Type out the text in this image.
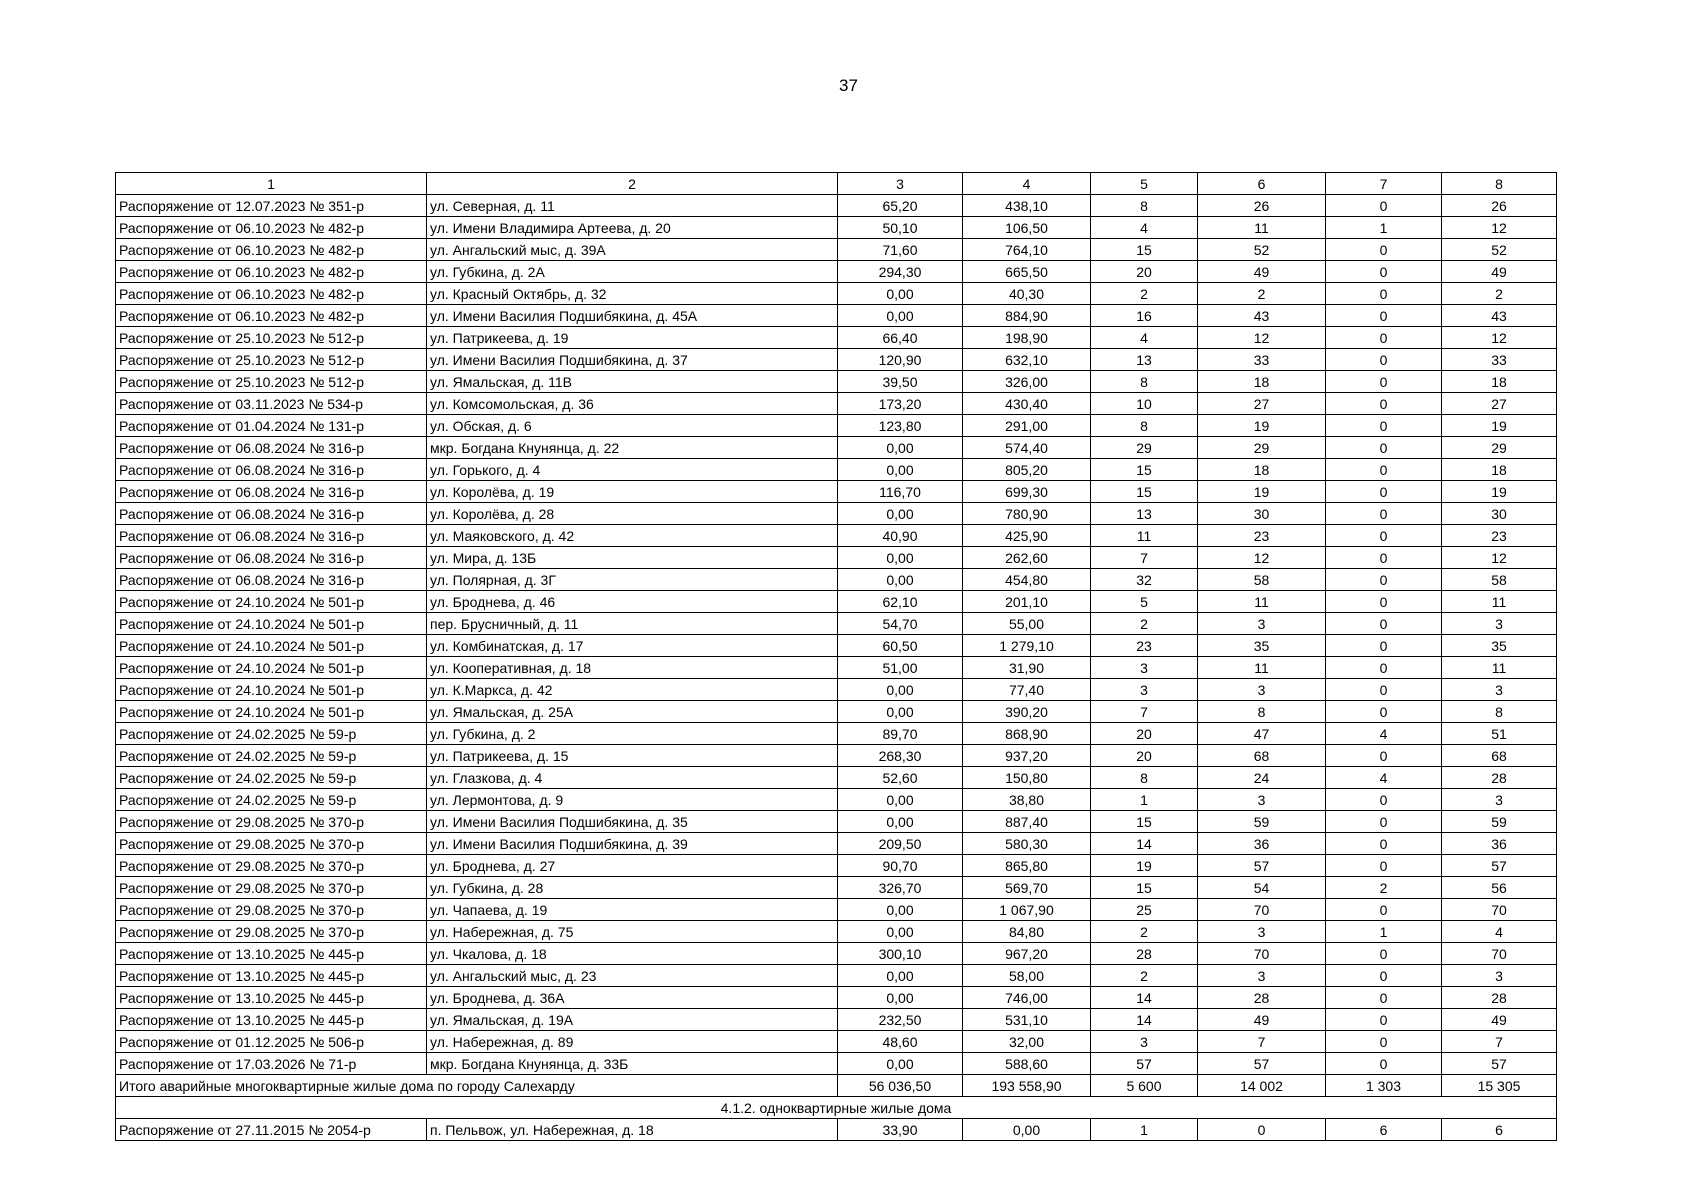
37
1	2	3	4	5	6	7	8
Распоряжение от 12.07.2023 № 351-р	ул. Северная, д. 11	65,20	438,10	8	26	0	26
Распоряжение от 06.10.2023 № 482-р	ул. Имени Владимира Артеева, д. 20	50,10	106,50	4	11	1	12
Распоряжение от 06.10.2023 № 482-р	ул. Ангальский мыс, д. 39А	71,60	764,10	15	52	0	52
Распоряжение от 06.10.2023 № 482-р	ул. Губкина, д. 2А	294,30	665,50	20	49	0	49
Распоряжение от 06.10.2023 № 482-р	ул. Красный Октябрь, д. 32	0,00	40,30	2	2	0	2
Распоряжение от 06.10.2023 № 482-р	ул. Имени Василия Подшибякина, д. 45А	0,00	884,90	16	43	0	43
Распоряжение от 25.10.2023 № 512-р	ул. Патрикеева, д. 19	66,40	198,90	4	12	0	12
Распоряжение от 25.10.2023 № 512-р	ул. Имени Василия Подшибякина, д. 37	120,90	632,10	13	33	0	33
Распоряжение от 25.10.2023 № 512-р	ул. Ямальская, д. 11В	39,50	326,00	8	18	0	18
Распоряжение от 03.11.2023 № 534-р	ул. Комсомольская, д. 36	173,20	430,40	10	27	0	27
Распоряжение от 01.04.2024 № 131-р	ул. Обская, д. 6	123,80	291,00	8	19	0	19
Распоряжение от 06.08.2024 № 316-р	мкр. Богдана Кнунянца, д. 22	0,00	574,40	29	29	0	29
Распоряжение от 06.08.2024 № 316-р	ул. Горького, д. 4	0,00	805,20	15	18	0	18
Распоряжение от 06.08.2024 № 316-р	ул. Королёва, д. 19	116,70	699,30	15	19	0	19
Распоряжение от 06.08.2024 № 316-р	ул. Королёва, д. 28	0,00	780,90	13	30	0	30
Распоряжение от 06.08.2024 № 316-р	ул. Маяковского, д. 42	40,90	425,90	11	23	0	23
Распоряжение от 06.08.2024 № 316-р	ул. Мира, д. 13Б	0,00	262,60	7	12	0	12
Распоряжение от 06.08.2024 № 316-р	ул. Полярная, д. 3Г	0,00	454,80	32	58	0	58
Распоряжение от 24.10.2024 № 501-р	ул. Броднева, д. 46	62,10	201,10	5	11	0	11
Распоряжение от 24.10.2024 № 501-р	пер. Брусничный, д. 11	54,70	55,00	2	3	0	3
Распоряжение от 24.10.2024 № 501-р	ул. Комбинатская, д. 17	60,50	1 279,10	23	35	0	35
Распоряжение от 24.10.2024 № 501-р	ул. Кооперативная, д. 18	51,00	31,90	3	11	0	11
Распоряжение от 24.10.2024 № 501-р	ул. К.Маркса, д. 42	0,00	77,40	3	3	0	3
Распоряжение от 24.10.2024 № 501-р	ул. Ямальская, д. 25А	0,00	390,20	7	8	0	8
Распоряжение от 24.02.2025 № 59-р	ул. Губкина, д. 2	89,70	868,90	20	47	4	51
Распоряжение от 24.02.2025 № 59-р	ул. Патрикеева, д. 15	268,30	937,20	20	68	0	68
Распоряжение от 24.02.2025 № 59-р	ул. Глазкова, д. 4	52,60	150,80	8	24	4	28
Распоряжение от 24.02.2025 № 59-р	ул. Лермонтова, д. 9	0,00	38,80	1	3	0	3
Распоряжение от 29.08.2025 № 370-р	ул. Имени Василия Подшибякина, д. 35	0,00	887,40	15	59	0	59
Распоряжение от 29.08.2025 № 370-р	ул. Имени Василия Подшибякина, д. 39	209,50	580,30	14	36	0	36
Распоряжение от 29.08.2025 № 370-р	ул. Броднева, д. 27	90,70	865,80	19	57	0	57
Распоряжение от 29.08.2025 № 370-р	ул. Губкина, д. 28	326,70	569,70	15	54	2	56
Распоряжение от 29.08.2025 № 370-р	ул. Чапаева, д. 19	0,00	1 067,90	25	70	0	70
Распоряжение от 29.08.2025 № 370-р	ул. Набережная, д. 75	0,00	84,80	2	3	1	4
Распоряжение от 13.10.2025 № 445-р	ул. Чкалова, д. 18	300,10	967,20	28	70	0	70
Распоряжение от 13.10.2025 № 445-р	ул. Ангальский мыс, д. 23	0,00	58,00	2	3	0	3
Распоряжение от 13.10.2025 № 445-р	ул. Броднева, д. 36А	0,00	746,00	14	28	0	28
Распоряжение от 13.10.2025 № 445-р	ул. Ямальская, д. 19А	232,50	531,10	14	49	0	49
Распоряжение от 01.12.2025 № 506-р	ул. Набережная, д. 89	48,60	32,00	3	7	0	7
Распоряжение от 17.03.2026 № 71-р	мкр. Богдана Кнунянца, д. 33Б	0,00	588,60	57	57	0	57
Итого аварийные многоквартирные жилые дома по городу Салехарду		56 036,50	193 558,90	5 600	14 002	1 303	15 305
4.1.2. одноквартирные жилые дома							
Распоряжение от 27.11.2015 № 2054-р	п. Пельвож, ул. Набережная, д. 18	33,90	0,00	1	0	6	6
